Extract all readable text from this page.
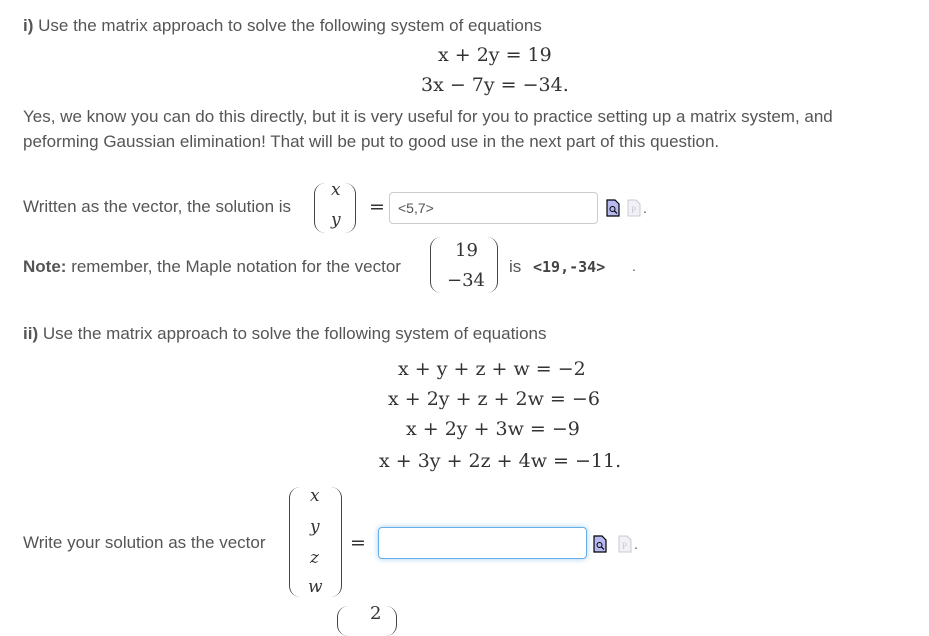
i) Use the matrix approach to solve the following system of equations
x + 2y = 19
3x − 7y = −34.
Yes, we know you can do this directly, but it is very useful for you to practice setting up a matrix system, and
peforming Gaussian elimination! That will be put to good use in the next part of this question.
Written as the vector, the solution is
x
y
= <5,7>	P .
Note: remember, the Maple notation for the vector
19
−34
is <19,-34> .
ii) Use the matrix approach to solve the following system of equations
x + y + z + w = −2
x + 2y + z + 2w = −6
x + 2y + 3w = −9
x + 3y + 2z + 4w = −11.
Write your solution as the vector
x
y
z
w
=	P .
2
